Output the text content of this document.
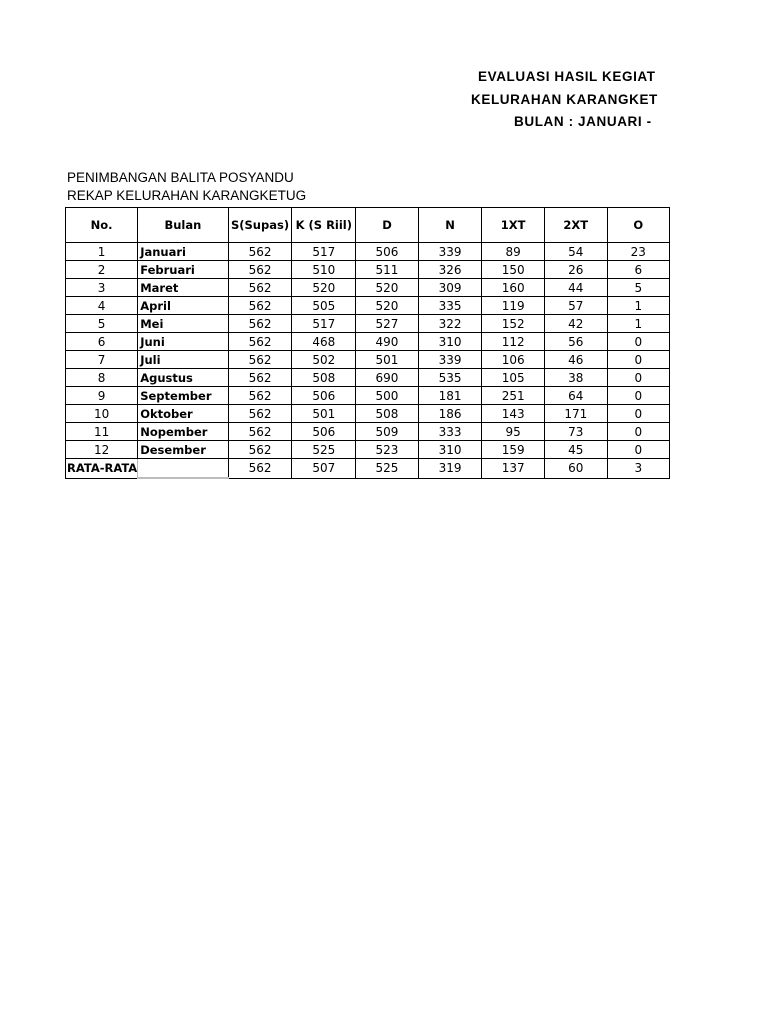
EVALUASI HASIL KEGIAT
KELURAHAN KARANGKET
BULAN : JANUARI -
PENIMBANGAN BALITA POSYANDU
REKAP KELURAHAN KARANGKETUG
No.	Bulan	S(Supas)	K (S Riil)	D	N	1XT	2XT	O
1	Januari	562	517	506	339	89	54	23
2	Februari	562	510	511	326	150	26	6
3	Maret	562	520	520	309	160	44	5
4	April	562	505	520	335	119	57	1
5	Mei	562	517	527	322	152	42	1
6	Juni	562	468	490	310	112	56	0
7	Juli	562	502	501	339	106	46	0
8	Agustus	562	508	690	535	105	38	0
9	September	562	506	500	181	251	64	0
10	Oktober	562	501	508	186	143	171	0
11	Nopember	562	506	509	333	95	73	0
12	Desember	562	525	523	310	159	45	0
RATA-RATA		562	507	525	319	137	60	3
